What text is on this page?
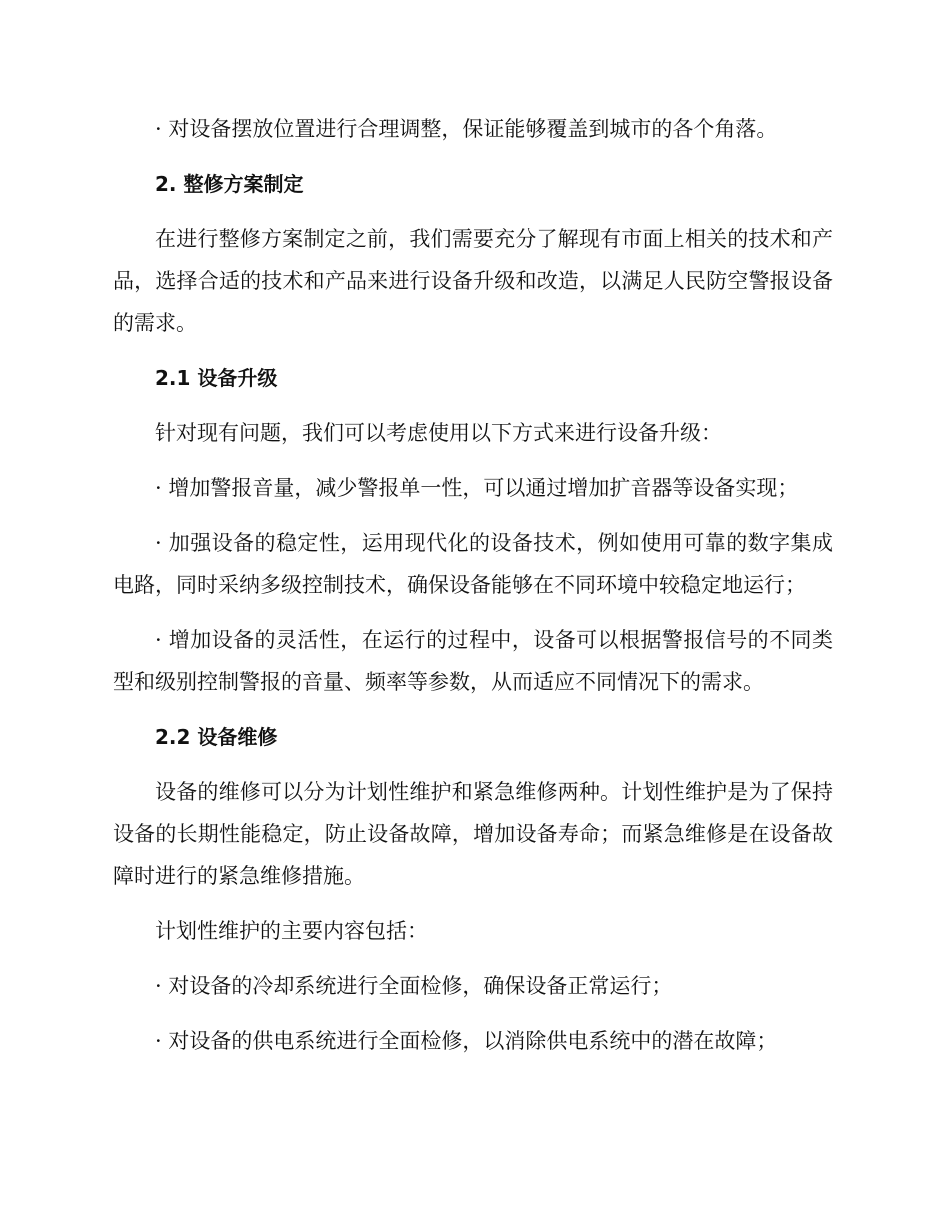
· 对设备摆放位置进行合理调整，保证能够覆盖到城市的各个角落。

2. 整修方案制定

在进行整修方案制定之前，我们需要充分了解现有市面上相关的技术和产品，选择合适的技术和产品来进行设备升级和改造，以满足人民防空警报设备的需求。

2.1 设备升级

针对现有问题，我们可以考虑使用以下方式来进行设备升级：

· 增加警报音量，减少警报单一性，可以通过增加扩音器等设备实现；

· 加强设备的稳定性，运用现代化的设备技术，例如使用可靠的数字集成电路，同时采纳多级控制技术，确保设备能够在不同环境中较稳定地运行；

· 增加设备的灵活性，在运行的过程中，设备可以根据警报信号的不同类型和级别控制警报的音量、频率等参数，从而适应不同情况下的需求。

2.2 设备维修

设备的维修可以分为计划性维护和紧急维修两种。计划性维护是为了保持设备的长期性能稳定，防止设备故障，增加设备寿命；而紧急维修是在设备故障时进行的紧急维修措施。

计划性维护的主要内容包括：

· 对设备的冷却系统进行全面检修，确保设备正常运行；

· 对设备的供电系统进行全面检修，以消除供电系统中的潜在故障；
